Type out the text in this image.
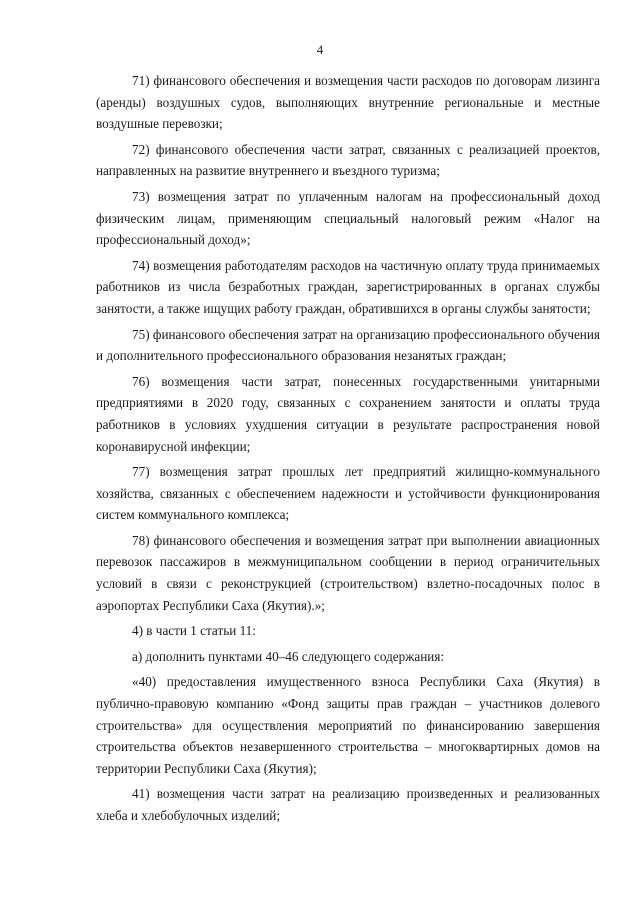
4

71) финансового обеспечения и возмещения части расходов по договорам лизинга (аренды) воздушных судов, выполняющих внутренние региональные и местные воздушные перевозки;

72) финансового обеспечения части затрат, связанных с реализацией проектов, направленных на развитие внутреннего и въездного туризма;

73) возмещения затрат по уплаченным налогам на профессиональный доход физическим лицам, применяющим специальный налоговый режим «Налог на профессиональный доход»;

74) возмещения работодателям расходов на частичную оплату труда принимаемых работников из числа безработных граждан, зарегистрированных в органах службы занятости, а также ищущих работу граждан, обратившихся в органы службы занятости;

75) финансового обеспечения затрат на организацию профессионального обучения и дополнительного профессионального образования незанятых граждан;

76) возмещения части затрат, понесенных государственными унитарными предприятиями в 2020 году, связанных с сохранением занятости и оплаты труда работников в условиях ухудшения ситуации в результате распространения новой коронавирусной инфекции;

77) возмещения затрат прошлых лет предприятий жилищно-коммунального хозяйства, связанных с обеспечением надежности и устойчивости функционирования систем коммунального комплекса;

78) финансового обеспечения и возмещения затрат при выполнении авиационных перевозок пассажиров в межмуниципальном сообщении в период ограничительных условий в связи с реконструкцией (строительством) взлетно-посадочных полос в аэропортах Республики Саха (Якутия).»;

4) в части 1 статьи 11:

а) дополнить пунктами 40–46 следующего содержания:

«40) предоставления имущественного взноса Республики Саха (Якутия) в публично-правовую компанию «Фонд защиты прав граждан – участников долевого строительства» для осуществления мероприятий по финансированию завершения строительства объектов незавершенного строительства – многоквартирных домов на территории Республики Саха (Якутия);

41) возмещения части затрат на реализацию произведенных и реализованных хлеба и хлебобулочных изделий;
